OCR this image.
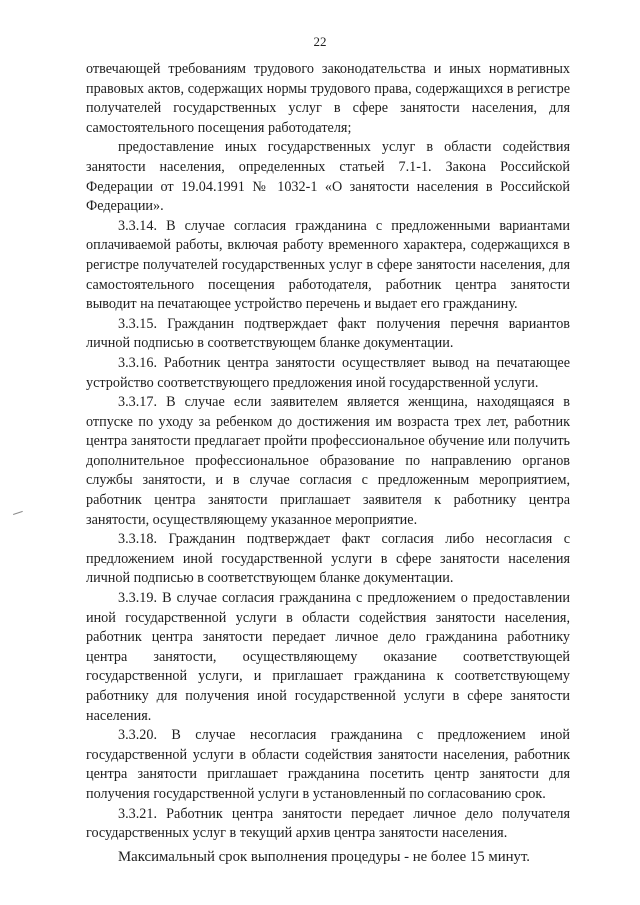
22

отвечающей требованиям трудового законодательства и иных нормативных правовых актов, содержащих нормы трудового права, содержащихся в регистре получателей государственных услуг в сфере занятости населения, для самостоятельного посещения работодателя;

предоставление иных государственных услуг в области содействия занятости населения, определенных статьей 7.1-1. Закона Российской Федерации от 19.04.1991 № 1032-1 «О занятости населения в Российской Федерации».

3.3.14. В случае согласия гражданина с предложенными вариантами оплачиваемой работы, включая работу временного характера, содержащихся в регистре получателей государственных услуг в сфере занятости населения, для самостоятельного посещения работодателя, работник центра занятости выводит на печатающее устройство перечень и выдает его гражданину.

3.3.15. Гражданин подтверждает факт получения перечня вариантов личной подписью в соответствующем бланке документации.

3.3.16. Работник центра занятости осуществляет вывод на печатающее устройство соответствующего предложения иной государственной услуги.

3.3.17. В случае если заявителем является женщина, находящаяся в отпуске по уходу за ребенком до достижения им возраста трех лет, работник центра занятости предлагает пройти профессиональное обучение или получить дополнительное профессиональное образование по направлению органов службы занятости, и в случае согласия с предложенным мероприятием, работник центра занятости приглашает заявителя к работнику центра занятости, осуществляющему указанное мероприятие.

3.3.18. Гражданин подтверждает факт согласия либо несогласия с предложением иной государственной услуги в сфере занятости населения личной подписью в соответствующем бланке документации.

3.3.19. В случае согласия гражданина с предложением о предоставлении иной государственной услуги в области содействия занятости населения, работник центра занятости передает личное дело гражданина работнику центра занятости, осуществляющему оказание соответствующей государственной услуги, и приглашает гражданина к соответствующему работнику для получения иной государственной услуги в сфере занятости населения.

3.3.20. В случае несогласия гражданина с предложением иной государственной услуги в области содействия занятости населения, работник центра занятости приглашает гражданина посетить центр занятости для получения государственной услуги в установленный по согласованию срок.

3.3.21. Работник центра занятости передает личное дело получателя государственных услуг в текущий архив центра занятости населения.

Максимальный срок выполнения процедуры - не более 15 минут.
